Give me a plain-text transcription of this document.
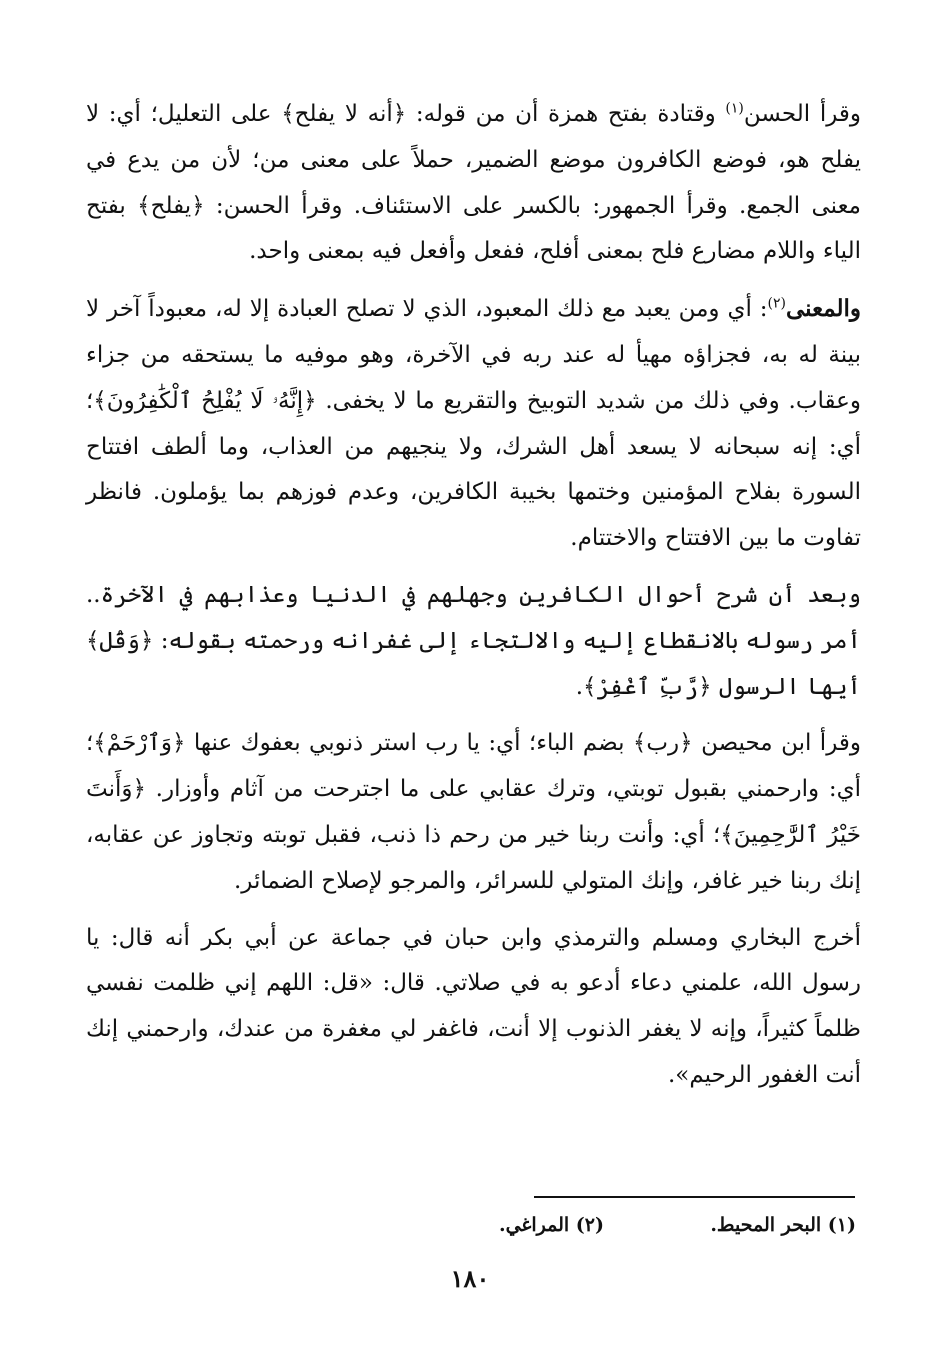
وقرأ الحسن$^{(١)}$ وقتادة بفتح همزة أن من قوله: ﴿أنه لا يفلح﴾ على التعليل؛ أي: لا يفلح هو، فوضع الكافرون موضع الضمير، حملاً على معنى من؛ لأن من يدع في معنى الجمع. وقرأ الجمهور: بالكسر على الاستئناف. وقرأ الحسن: ﴿يفلح﴾ بفتح الياء واللام مضارع فلح بمعنى أفلح، ففعل وأفعل فيه بمعنى واحد.

والمعنى$^{(٢)}$: أي ومن يعبد مع ذلك المعبود، الذي لا تصلح العبادة إلا له، معبوداً آخر لا بينة له به، فجزاؤه مهيأ له عند ربه في الآخرة، وهو موفيه ما يستحقه من جزاء وعقاب. وفي ذلك من شديد التوبيخ والتقريع ما لا يخفى. ﴿إِنَّهُۥ لَا يُفْلِحُ ٱلْكَٰفِرُونَ﴾؛ أي: إنه سبحانه لا يسعد أهل الشرك، ولا ينجيهم من العذاب، وما ألطف افتتاح السورة بفلاح المؤمنين وختمها بخيبة الكافرين، وعدم فوزهم بما يؤملون. فانظر تفاوت ما بين الافتتاح والاختتام.

وبعد أن شرح أحوال الكافرين وجهلهم في الدنيا وعذابهم في الآخرة.. أمر رسوله بالانقطاع إليه والالتجاء إلى غفرانه ورحمته بقوله: ﴿وَقُل﴾ أيها الرسول ﴿رَّبِّ ٱغْفِرْ﴾.

وقرأ ابن محيصن ﴿رب﴾ بضم الباء؛ أي: يا رب استر ذنوبي بعفوك عنها ﴿وَٱرْحَمْ﴾؛ أي: وارحمني بقبول توبتي، وترك عقابي على ما اجترحت من آثام وأوزار. ﴿وَأَنتَ خَيْرُ ٱلرَّٰحِمِينَ﴾؛ أي: وأنت ربنا خير من رحم ذا ذنب، فقبل توبته وتجاوز عن عقابه، إنك ربنا خير غافر، وإنك المتولي للسرائر، والمرجو لإصلاح الضمائر.

أخرج البخاري ومسلم والترمذي وابن حبان في جماعة عن أبي بكر أنه قال: يا رسول الله، علمني دعاء أدعو به في صلاتي. قال: «قل: اللهم إني ظلمت نفسي ظلماً كثيراً، وإنه لا يغفر الذنوب إلا أنت، فاغفر لي مغفرة من عندك، وارحمني إنك أنت الغفور الرحيم».

(١) البحر المحيط.
(٢) المراغي.
١٨٠
